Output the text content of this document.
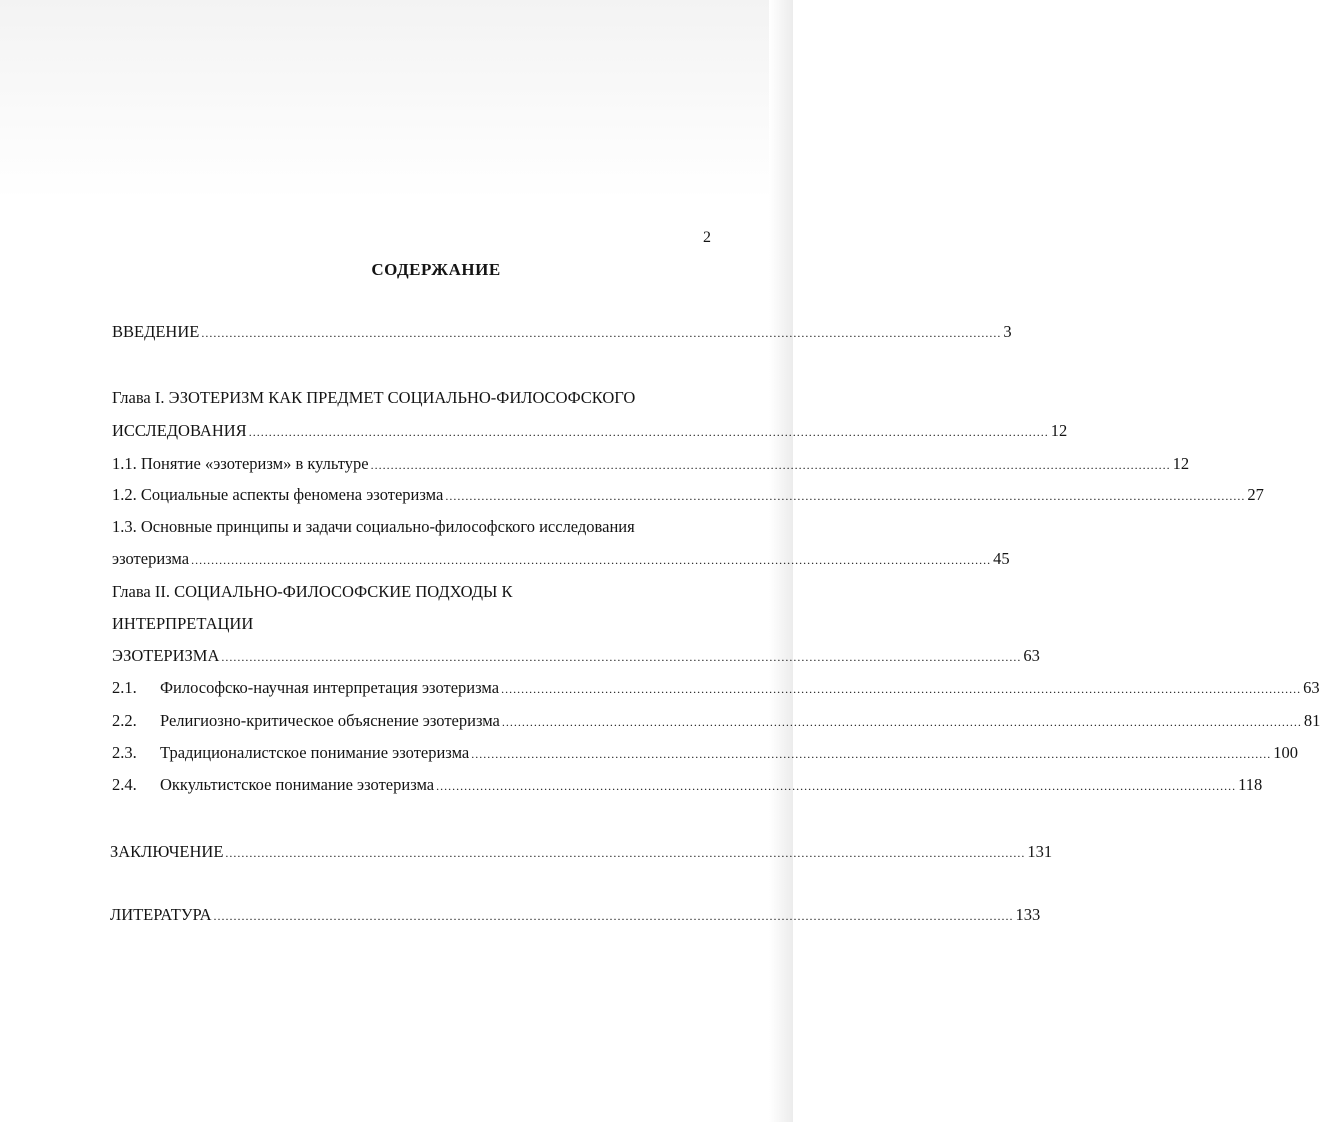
2
СОДЕРЖАНИЕ
ВВЕДЕНИЕ ........................................................................................................................................................................................................ 3
Глава I. ЭЗОТЕРИЗМ КАК ПРЕДМЕТ СОЦИАЛЬНО-ФИЛОСОФСКОГО
ИССЛЕДОВАНИЯ ........................................................................................................................................................................................................ 12
1.1. Понятие «эзотеризм» в культуре ........................................................................................................................................................................................................ 12
1.2. Социальные аспекты феномена эзотеризма ........................................................................................................................................................................................................ 27
1.3. Основные принципы и задачи социально-философского исследования
эзотеризма ........................................................................................................................................................................................................ 45
Глава II. СОЦИАЛЬНО-ФИЛОСОФСКИЕ ПОДХОДЫ К
ИНТЕРПРЕТАЦИИ
ЭЗОТЕРИЗМА ........................................................................................................................................................................................................ 63
2.1. Философско-научная интерпретация эзотеризма ........................................................................................................................................................................................................ 63
2.2. Религиозно-критическое объяснение эзотеризма ........................................................................................................................................................................................................ 81
2.3. Традиционалистское понимание эзотеризма ........................................................................................................................................................................................................ 100
2.4. Оккультистское понимание эзотеризма ........................................................................................................................................................................................................ 118
ЗАКЛЮЧЕНИЕ ........................................................................................................................................................................................................ 131
ЛИТЕРАТУРА ........................................................................................................................................................................................................ 133
